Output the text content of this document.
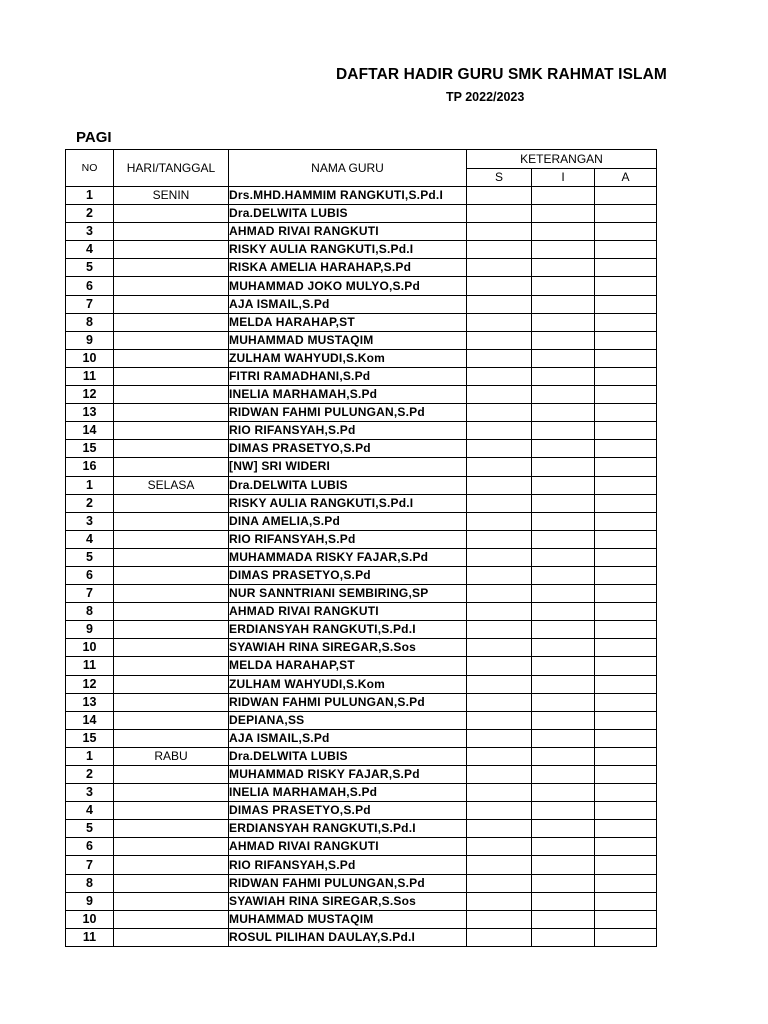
DAFTAR HADIR GURU SMK RAHMAT ISLAM
TP 2022/2023
PAGI
NO	HARI/TANGGAL	NAMA GURU	KETERANGAN		
			S	I	A
1	SENIN	Drs.MHD.HAMMIM RANGKUTI,S.Pd.I			
2		Dra.DELWITA LUBIS			
3		AHMAD RIVAI RANGKUTI			
4		RISKY AULIA RANGKUTI,S.Pd.I			
5		RISKA AMELIA HARAHAP,S.Pd			
6		MUHAMMAD JOKO MULYO,S.Pd			
7		AJA ISMAIL,S.Pd			
8		MELDA HARAHAP,ST			
9		MUHAMMAD MUSTAQIM			
10		ZULHAM WAHYUDI,S.Kom			
11		FITRI RAMADHANI,S.Pd			
12		INELIA MARHAMAH,S.Pd			
13		RIDWAN FAHMI PULUNGAN,S.Pd			
14		RIO RIFANSYAH,S.Pd			
15		DIMAS PRASETYO,S.Pd			
16		[NW] SRI WIDERI			
1	SELASA	Dra.DELWITA LUBIS			
2		RISKY AULIA RANGKUTI,S.Pd.I			
3		DINA AMELIA,S.Pd			
4		RIO RIFANSYAH,S.Pd			
5		MUHAMMADA RISKY FAJAR,S.Pd			
6		DIMAS PRASETYO,S.Pd			
7		NUR SANNTRIANI SEMBIRING,SP			
8		AHMAD RIVAI RANGKUTI			
9		ERDIANSYAH RANGKUTI,S.Pd.I			
10		SYAWIAH RINA SIREGAR,S.Sos			
11		MELDA HARAHAP,ST			
12		ZULHAM WAHYUDI,S.Kom			
13		RIDWAN FAHMI PULUNGAN,S.Pd			
14		DEPIANA,SS			
15		AJA ISMAIL,S.Pd			
1	RABU	Dra.DELWITA LUBIS			
2		MUHAMMAD RISKY FAJAR,S.Pd			
3		INELIA MARHAMAH,S.Pd			
4		DIMAS PRASETYO,S.Pd			
5		ERDIANSYAH RANGKUTI,S.Pd.I			
6		AHMAD RIVAI RANGKUTI			
7		RIO RIFANSYAH,S.Pd			
8		RIDWAN FAHMI PULUNGAN,S.Pd			
9		SYAWIAH RINA SIREGAR,S.Sos			
10		MUHAMMAD MUSTAQIM			
11		ROSUL PILIHAN DAULAY,S.Pd.I			
